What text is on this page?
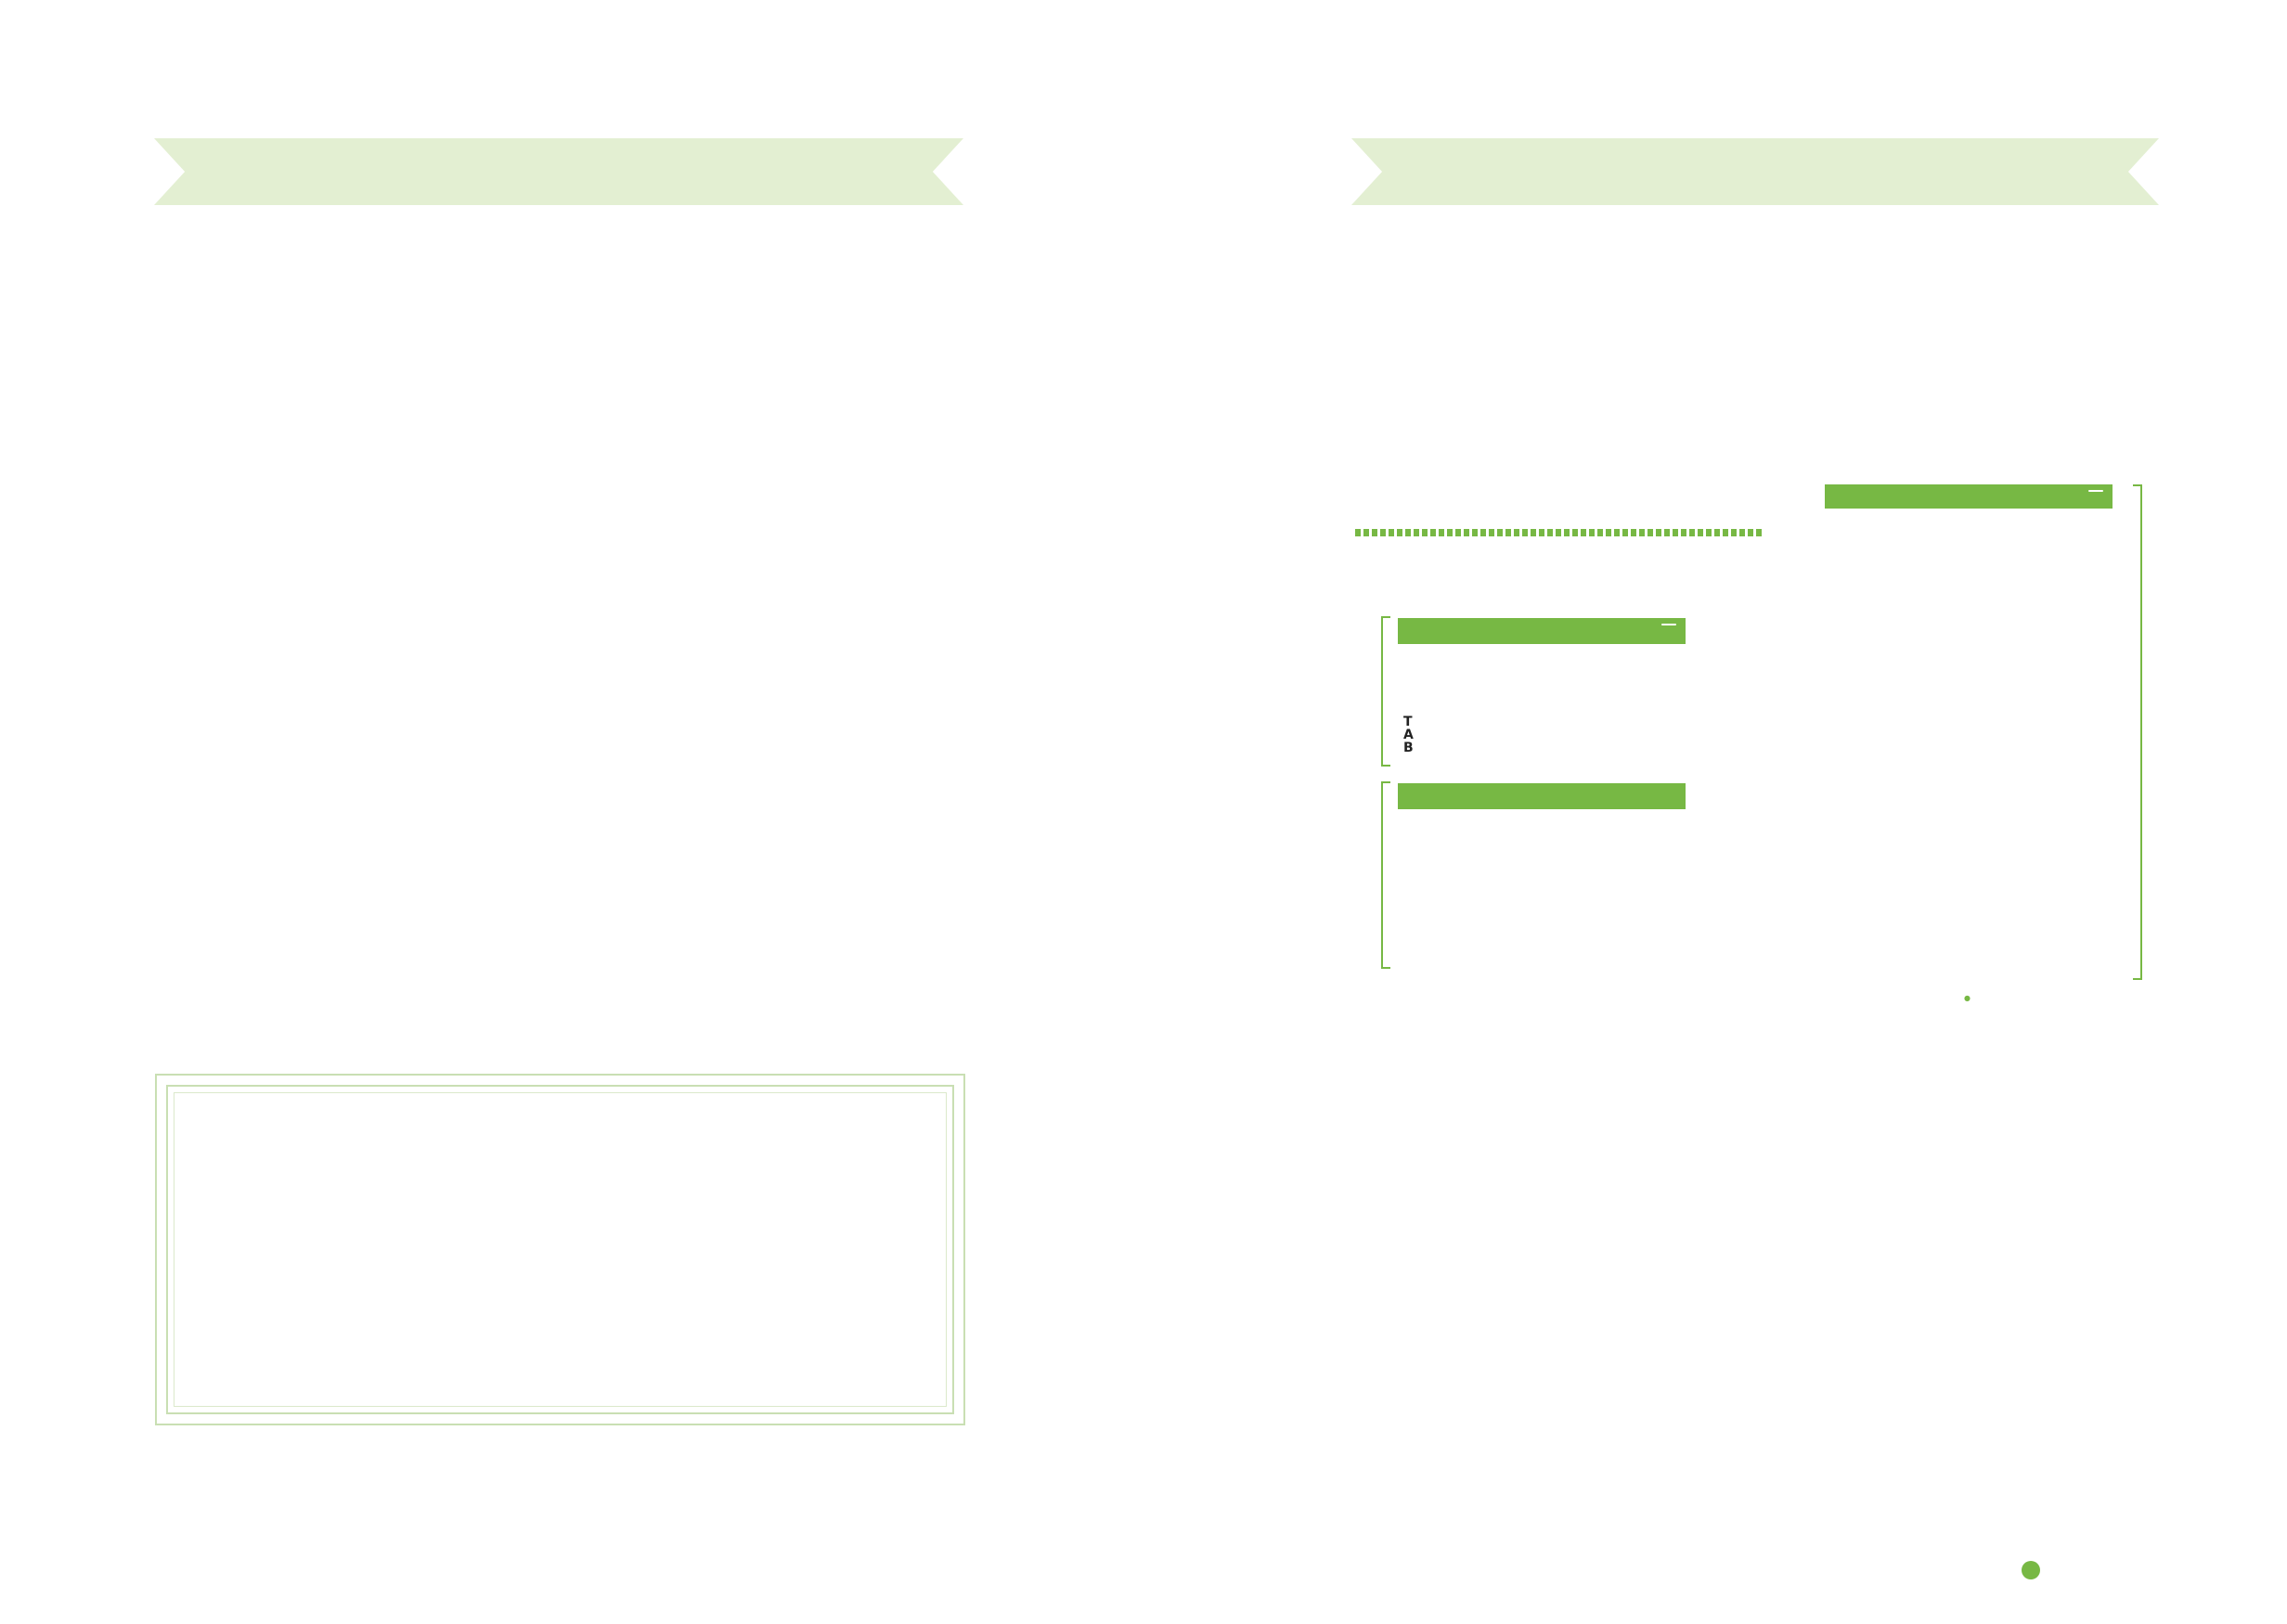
T
A
B
●
